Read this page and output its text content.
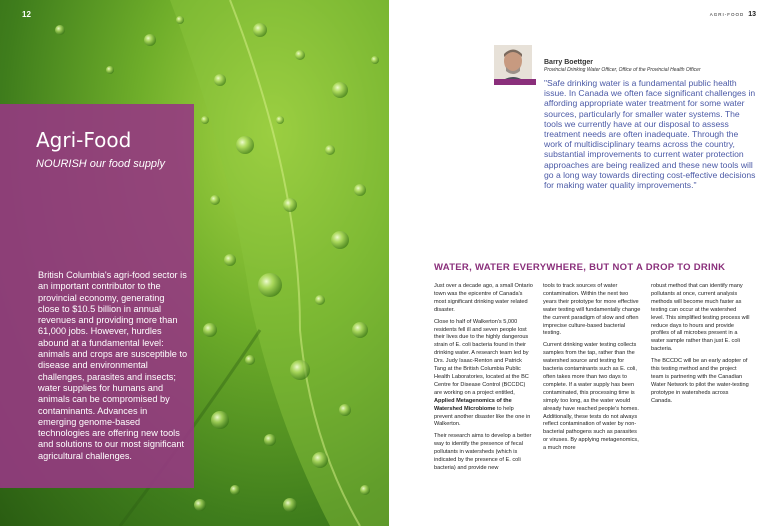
12
Agri-Food
NOURISH our food supply
British Columbia's agri-food sector is an important contributor to the provincial economy, generating close to $10.5 billion in annual revenues and providing more than 61,000 jobs. However, hurdles abound at a fundamental level: animals and crops are susceptible to disease and environmental challenges, parasites and insects; water supplies for humans and animals can be compromised by contaminants. Advances in emerging genome-based technologies are offering new tools and solutions to our most significant agricultural challenges.
AGRI-FOOD 13
Barry Boettger
Provincial Drinking Water Officer, Office of the Provincial Health Officer
"Safe drinking water is a fundamental public health issue. In Canada we often face significant challenges in affording appropriate water treatment for some water sources, particularly for smaller water systems. The tools we currently have at our disposal to assess treatment needs are often inadequate. Through the work of multidisciplinary teams across the country, substantial improvements to current water protection approaches are being realized and these new tools will go a long way towards directing cost-effective decisions for making water quality improvements."
WATER, WATER EVERYWHERE, BUT NOT A DROP TO DRINK

Just over a decade ago, a small Ontario town was the epicentre of Canada's most significant drinking water related disaster.

Close to half of Walkerton's 5,000 residents fell ill and seven people lost their lives due to the highly dangerous strain of E. coli bacteria found in their drinking water. A research team led by Drs. Judy Isaac-Renton and Patrick Tang at the British Columbia Public Health Laboratories, located at the BC Centre for Disease Control (BCCDC) are working on a project entitled, Applied Metagenomics of the Watershed Microbiome to help prevent another disaster like the one in Walkerton.

Their research aims to develop a better way to identify the presence of fecal pollutants in watersheds (which is indicated by the presence of E. coli bacteria) and provide new

tools to track sources of water contamination. Within the next two years their prototype for more effective water testing will fundamentally change the current paradigm of slow and often imprecise culture-based bacterial testing.

Current drinking water testing collects samples from the tap, rather than the watershed source and testing for bacteria contaminants such as E. coli, often takes more than two days to complete. If a water supply has been contaminated, this processing time is simply too long, as the water would already have reached people's homes. Additionally, these tests do not always reflect contamination of water by non-bacterial pathogens such as parasites or viruses. By applying metagenomics, a much more

robust method that can identify many pollutants at once, current analysis methods will become much faster as testing can occur at the watershed level. This simplified testing process will reduce days to hours and provide profiles of all microbes present in a water sample rather than just E. coli bacteria.

The BCCDC will be an early adopter of this testing method and the project team is partnering with the Canadian Water Network to pilot the water-testing prototype in watersheds across Canada.
